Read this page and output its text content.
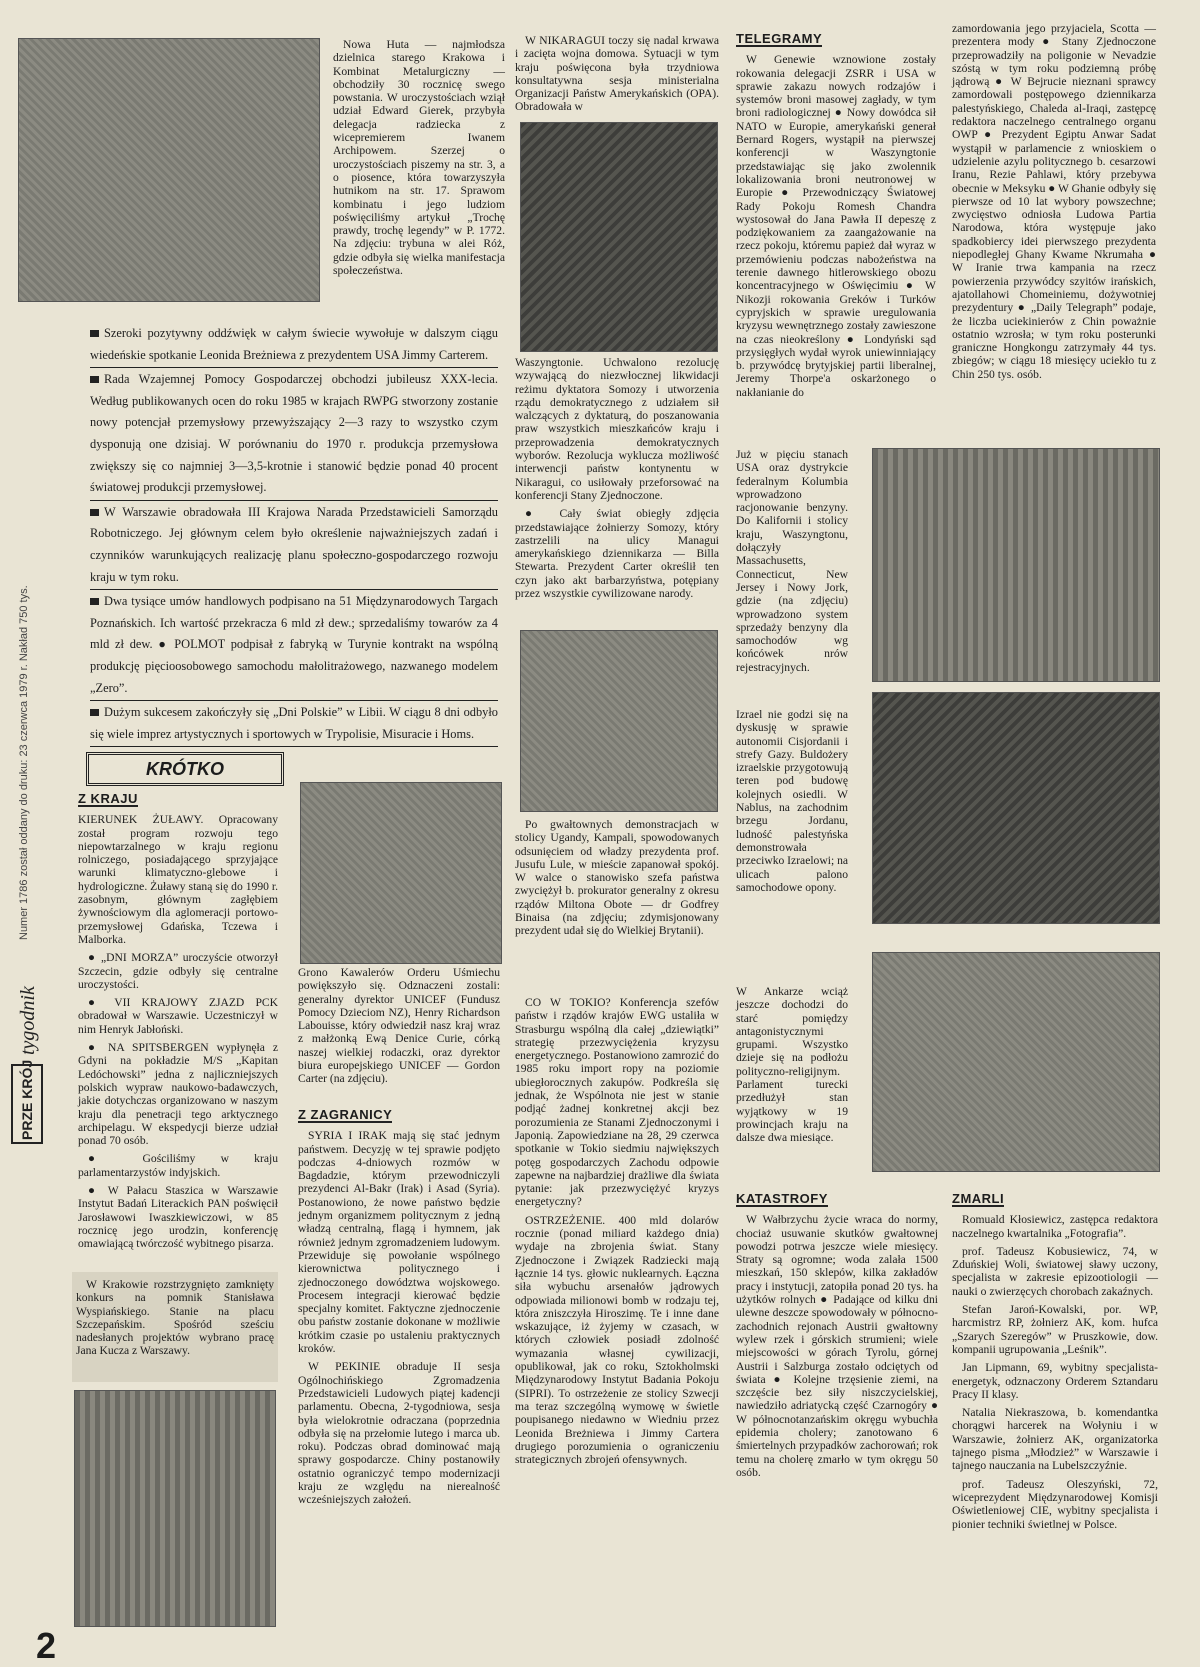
Nowa Huta — najmłodsza dzielnica starego Krakowa i Kombinat Metalurgiczny — obchodziły 30 rocznicę swego powstania. W uroczystościach wziął udział Edward Gierek, przybyła delegacja radziecka z wicepremierem Iwanem Archipowem. Szerzej o uroczystościach piszemy na str. 3, a o piosence, która towarzyszyła hutnikom na str. 17. Sprawom kombinatu i jego ludziom poświęciliśmy artykuł „Trochę prawdy, trochę legendy” w P. 1772. Na zdjęciu: trybuna w alei Róż, gdzie odbyła się wielka manifestacja społeczeństwa.

Szeroki pozytywny oddźwięk w całym świecie wywołuje w dalszym ciągu wiedeńskie spotkanie Leonida Breżniewa z prezydentem USA Jimmy Carterem.

Rada Wzajemnej Pomocy Gospodarczej obchodzi jubileusz XXX-lecia. Według publikowanych ocen do roku 1985 w krajach RWPG stworzony zostanie nowy potencjał przemysłowy przewyższający 2—3 razy to wszystko czym dysponują one dzisiaj. W porównaniu do 1970 r. produkcja przemysłowa zwiększy się co najmniej 3—3,5-krotnie i stanowić będzie ponad 40 procent światowej produkcji przemysłowej.

W Warszawie obradowała III Krajowa Narada Przedstawicieli Samorządu Robotniczego. Jej głównym celem było określenie najważniejszych zadań i czynników warunkujących realizację planu społeczno-gospodarczego rozwoju kraju w tym roku.

Dwa tysiące umów handlowych podpisano na 51 Międzynarodowych Targach Poznańskich. Ich wartość przekracza 6 mld zł dew.; sprzedaliśmy towarów za 4 mld zł dew. ● POLMOT podpisał z fabryką w Turynie kontrakt na wspólną produkcję pięcioosobowego samochodu małolitrażowego, nazwanego modelem „Zero”.

Dużym sukcesem zakończyły się „Dni Polskie” w Libii. W ciągu 8 dni odbyło się wiele imprez artystycznych i sportowych w Trypolisie, Misuracie i Homs.

Numer 1786 został oddany do druku: 23 czerwca 1979 r. Nakład 750 tys.
PRZE KRÓJ
tygodnik
KRÓTKO
Z KRAJU

KIERUNEK ŻUŁAWY. Opracowany został program rozwoju tego niepowtarzalnego w kraju regionu rolniczego, posiadającego sprzyjające warunki klimatyczno-glebowe i hydrologiczne. Żuławy staną się do 1990 r. zasobnym, głównym zagłębiem żywnościowym dla aglomeracji portowo-przemysłowej Gdańska, Tczewa i Malborka.

● „DNI MORZA” uroczyście otworzył Szczecin, gdzie odbyły się centralne uroczystości.

● VII KRAJOWY ZJAZD PCK obradował w Warszawie. Uczestniczył w nim Henryk Jabłoński.

● NA SPITSBERGEN wypłynęła z Gdyni na pokładzie M/S „Kapitan Ledóchowski” jedna z najliczniejszych polskich wypraw naukowo-badawczych, jakie dotychczas organizowano w naszym kraju dla penetracji tego arktycznego archipelagu. W ekspedycji bierze udział ponad 70 osób.

● Gościliśmy w kraju parlamentarzystów indyjskich.

● W Pałacu Staszica w Warszawie Instytut Badań Literackich PAN poświęcił Jarosławowi Iwaszkiewiczowi, w 85 rocznicę jego urodzin, konferencję omawiającą twórczość wybitnego pisarza.

W Krakowie rozstrzygnięto zamknięty konkurs na pomnik Stanisława Wyspiańskiego. Stanie na placu Szczepańskim. Spośród sześciu nadesłanych projektów wybrano pracę Jana Kucza z Warszawy.

Grono Kawalerów Orderu Uśmiechu powiększyło się. Odznaczeni zostali: generalny dyrektor UNICEF (Fundusz Pomocy Dzieciom NZ), Henry Richardson Labouisse, który odwiedził nasz kraj wraz z małżonką Ewą Denice Curie, córką naszej wielkiej rodaczki, oraz dyrektor biura europejskiego UNICEF — Gordon Carter (na zdjęciu).

Z ZAGRANICY

SYRIA I IRAK mają się stać jednym państwem. Decyzję w tej sprawie podjęto podczas 4-dniowych rozmów w Bagdadzie, którym przewodniczyli prezydenci Al-Bakr (Irak) i Asad (Syria). Postanowiono, że nowe państwo będzie jednym organizmem politycznym z jedną władzą centralną, flagą i hymnem, jak również jednym zgromadzeniem ludowym. Przewiduje się powołanie wspólnego kierownictwa politycznego i zjednoczonego dowództwa wojskowego. Procesem integracji kierować będzie specjalny komitet. Faktyczne zjednoczenie obu państw zostanie dokonane w możliwie krótkim czasie po ustaleniu praktycznych kroków.

W PEKINIE obraduje II sesja Ogólnochińskiego Zgromadzenia Przedstawicieli Ludowych piątej kadencji parlamentu. Obecna, 2-tygodniowa, sesja była wielokrotnie odraczana (poprzednia odbyła się na przełomie lutego i marca ub. roku). Podczas obrad dominować mają sprawy gospodarcze. Chiny postanowiły ostatnio ograniczyć tempo modernizacji kraju ze względu na nierealność wcześniejszych założeń.

W NIKARAGUI toczy się nadal krwawa i zacięta wojna domowa. Sytuacji w tym kraju poświęcona była trzydniowa konsultatywna sesja ministerialna Organizacji Państw Amerykańskich (OPA). Obradowała w

Waszyngtonie. Uchwalono rezolucję wzywającą do niezwłocznej likwidacji reżimu dyktatora Somozy i utworzenia rządu demokratycznego z udziałem sił walczących z dyktaturą, do poszanowania praw wszystkich mieszkańców kraju i przeprowadzenia demokratycznych wyborów. Rezolucja wyklucza możliwość interwencji państw kontynentu w Nikaragui, co usiłowały przeforsować na konferencji Stany Zjednoczone.

● Cały świat obiegły zdjęcia przedstawiające żołnierzy Somozy, który zastrzelili na ulicy Managui amerykańskiego dziennikarza — Billa Stewarta. Prezydent Carter określił ten czyn jako akt barbarzyństwa, potępiany przez wszystkie cywilizowane narody.

Po gwałtownych demonstracjach w stolicy Ugandy, Kampali, spowodowanych odsunięciem od władzy prezydenta prof. Jusufu Lule, w mieście zapanował spokój. W walce o stanowisko szefa państwa zwyciężył b. prokurator generalny z okresu rządów Miltona Obote — dr Godfrey Binaisa (na zdjęciu; zdymisjonowany prezydent udał się do Wielkiej Brytanii).

CO W TOKIO? Konferencja szefów państw i rządów krajów EWG ustaliła w Strasburgu wspólną dla całej „dziewiątki” strategię przezwyciężenia kryzysu energetycznego. Postanowiono zamrozić do 1985 roku import ropy na poziomie ubiegłorocznych zakupów. Podkreśla się jednak, że Wspólnota nie jest w stanie podjąć żadnej konkretnej akcji bez porozumienia ze Stanami Zjednoczonymi i Japonią. Zapowiedziane na 28, 29 czerwca spotkanie w Tokio siedmiu największych potęg gospodarczych Zachodu odpowie zapewne na najbardziej drażliwe dla świata pytanie: jak przezwyciężyć kryzys energetyczny?

OSTRZEŻENIE. 400 mld dolarów rocznie (ponad miliard każdego dnia) wydaje na zbrojenia świat. Stany Zjednoczone i Związek Radziecki mają łącznie 14 tys. głowic nuklearnych. Łączna siła wybuchu arsenałów jądrowych odpowiada milionowi bomb w rodzaju tej, która zniszczyła Hiroszimę. Te i inne dane wskazujące, iż żyjemy w czasach, w których człowiek posiadł zdolność wymazania własnej cywilizacji, opublikował, jak co roku, Sztokholmski Międzynarodowy Instytut Badania Pokoju (SIPRI). To ostrzeżenie ze stolicy Szwecji ma teraz szczególną wymowę w świetle poupisanego niedawno w Wiedniu przez Leonida Breżniewa i Jimmy Cartera drugiego porozumienia o ograniczeniu strategicznych zbrojeń ofensywnych.

TELEGRAMY

W Genewie wznowione zostały rokowania delegacji ZSRR i USA w sprawie zakazu nowych rodzajów i systemów broni masowej zagłady, w tym broni radiologicznej ● Nowy dowódca sił NATO w Europie, amerykański generał Bernard Rogers, wystąpił na pierwszej konferencji w Waszyngtonie przedstawiając się jako zwolennik lokalizowania broni neutronowej w Europie ● Przewodniczący Światowej Rady Pokoju Romesh Chandra wystosował do Jana Pawła II depeszę z podziękowaniem za zaangażowanie na rzecz pokoju, któremu papież dał wyraz w przemówieniu podczas nabożeństwa na terenie dawnego hitlerowskiego obozu koncentracyjnego w Oświęcimiu ● W Nikozji rokowania Greków i Turków cypryjskich w sprawie uregulowania kryzysu wewnętrznego zostały zawieszone na czas nieokreślony ● Londyński sąd przysięgłych wydał wyrok uniewinniający b. przywódcę brytyjskiej partii liberalnej, Jeremy Thorpe'a oskarżonego o nakłanianie do

zamordowania jego przyjaciela, Scotta — prezentera mody ● Stany Zjednoczone przeprowadziły na poligonie w Nevadzie szóstą w tym roku podziemną próbę jądrową ● W Bejrucie nieznani sprawcy zamordowali postępowego dziennikarza palestyńskiego, Chaleda al-Iraqi, zastępcę redaktora naczelnego centralnego organu OWP ● Prezydent Egiptu Anwar Sadat wystąpił w parlamencie z wnioskiem o udzielenie azylu politycznego b. cesarzowi Iranu, Rezie Pahlawi, który przebywa obecnie w Meksyku ● W Ghanie odbyły się pierwsze od 10 lat wybory powszechne; zwycięstwo odniosła Ludowa Partia Narodowa, która występuje jako spadkobiercy idei pierwszego prezydenta niepodległej Ghany Kwame Nkrumaha ● W Iranie trwa kampania na rzecz powierzenia przywódcy szyitów irańskich, ajatollahowi Chomeiniemu, dożywotniej prezydentury ● „Daily Telegraph” podaje, że liczba uciekinierów z Chin poważnie ostatnio wzrosła; w tym roku posterunki graniczne Hongkongu zatrzymały 44 tys. zbiegów; w ciągu 18 miesięcy uciekło tu z Chin 250 tys. osób.

Już w pięciu stanach USA oraz dystrykcie federalnym Kolumbia wprowadzono racjonowanie benzyny. Do Kalifornii i stolicy kraju, Waszyngtonu, dołączyły Massachusetts, Connecticut, New Jersey i Nowy Jork, gdzie (na zdjęciu) wprowadzono system sprzedaży benzyny dla samochodów wg końcówek nrów rejestracyjnych.

Izrael nie godzi się na dyskusję w sprawie autonomii Cisjordanii i strefy Gazy. Buldożery izraelskie przygotowują teren pod budowę kolejnych osiedli. W Nablus, na zachodnim brzegu Jordanu, ludność palestyńska demonstrowała przeciwko Izraelowi; na ulicach palono samochodowe opony.

W Ankarze wciąż jeszcze dochodzi do starć pomiędzy antagonistycznymi grupami. Wszystko dzieje się na podłożu polityczno-religijnym. Parlament turecki przedłużył stan wyjątkowy w 19 prowincjach kraju na dalsze dwa miesiące.

KATASTROFY

W Wałbrzychu życie wraca do normy, chociaż usuwanie skutków gwałtownej powodzi potrwa jeszcze wiele miesięcy. Straty są ogromne; woda zalała 1500 mieszkań, 150 sklepów, kilka zakładów pracy i instytucji, zatopiła ponad 20 tys. ha użytków rolnych ● Padające od kilku dni ulewne deszcze spowodowały w północno-zachodnich rejonach Austrii gwałtowny wylew rzek i górskich strumieni; wiele miejscowości w górach Tyrolu, górnej Austrii i Salzburga zostało odciętych od świata ● Kolejne trzęsienie ziemi, na szczęście bez siły niszczycielskiej, nawiedziło adriatycką część Czarnogóry ● W północnotanzańskim okręgu wybuchła epidemia cholery; zanotowano 6 śmiertelnych przypadków zachorowań; rok temu na cholerę zmarło w tym okręgu 50 osób.

ZMARLI

Romuald Kłosiewicz, zastępca redaktora naczelnego kwartalnika „Fotografia”.

prof. Tadeusz Kobusiewicz, 74, w Zduńskiej Woli, światowej sławy uczony, specjalista w zakresie epizootiologii — nauki o zwierzęcych chorobach zakaźnych.

Stefan Jaroń-Kowalski, por. WP, harcmistrz RP, żołnierz AK, kom. hufca „Szarych Szeregów” w Pruszkowie, dow. kompanii ugrupowania „Leśnik”.

Jan Lipmann, 69, wybitny specjalista-energetyk, odznaczony Orderem Sztandaru Pracy II klasy.

Natalia Niekraszowa, b. komendantka chorągwi harcerek na Wołyniu i w Warszawie, żołnierz AK, organizatorka tajnego pisma „Młodzież” w Warszawie i tajnego nauczania na Lubelszczyźnie.

prof. Tadeusz Oleszyński, 72, wiceprezydent Międzynarodowej Komisji Oświetleniowej CIE, wybitny specjalista i pionier techniki świetlnej w Polsce.

2
